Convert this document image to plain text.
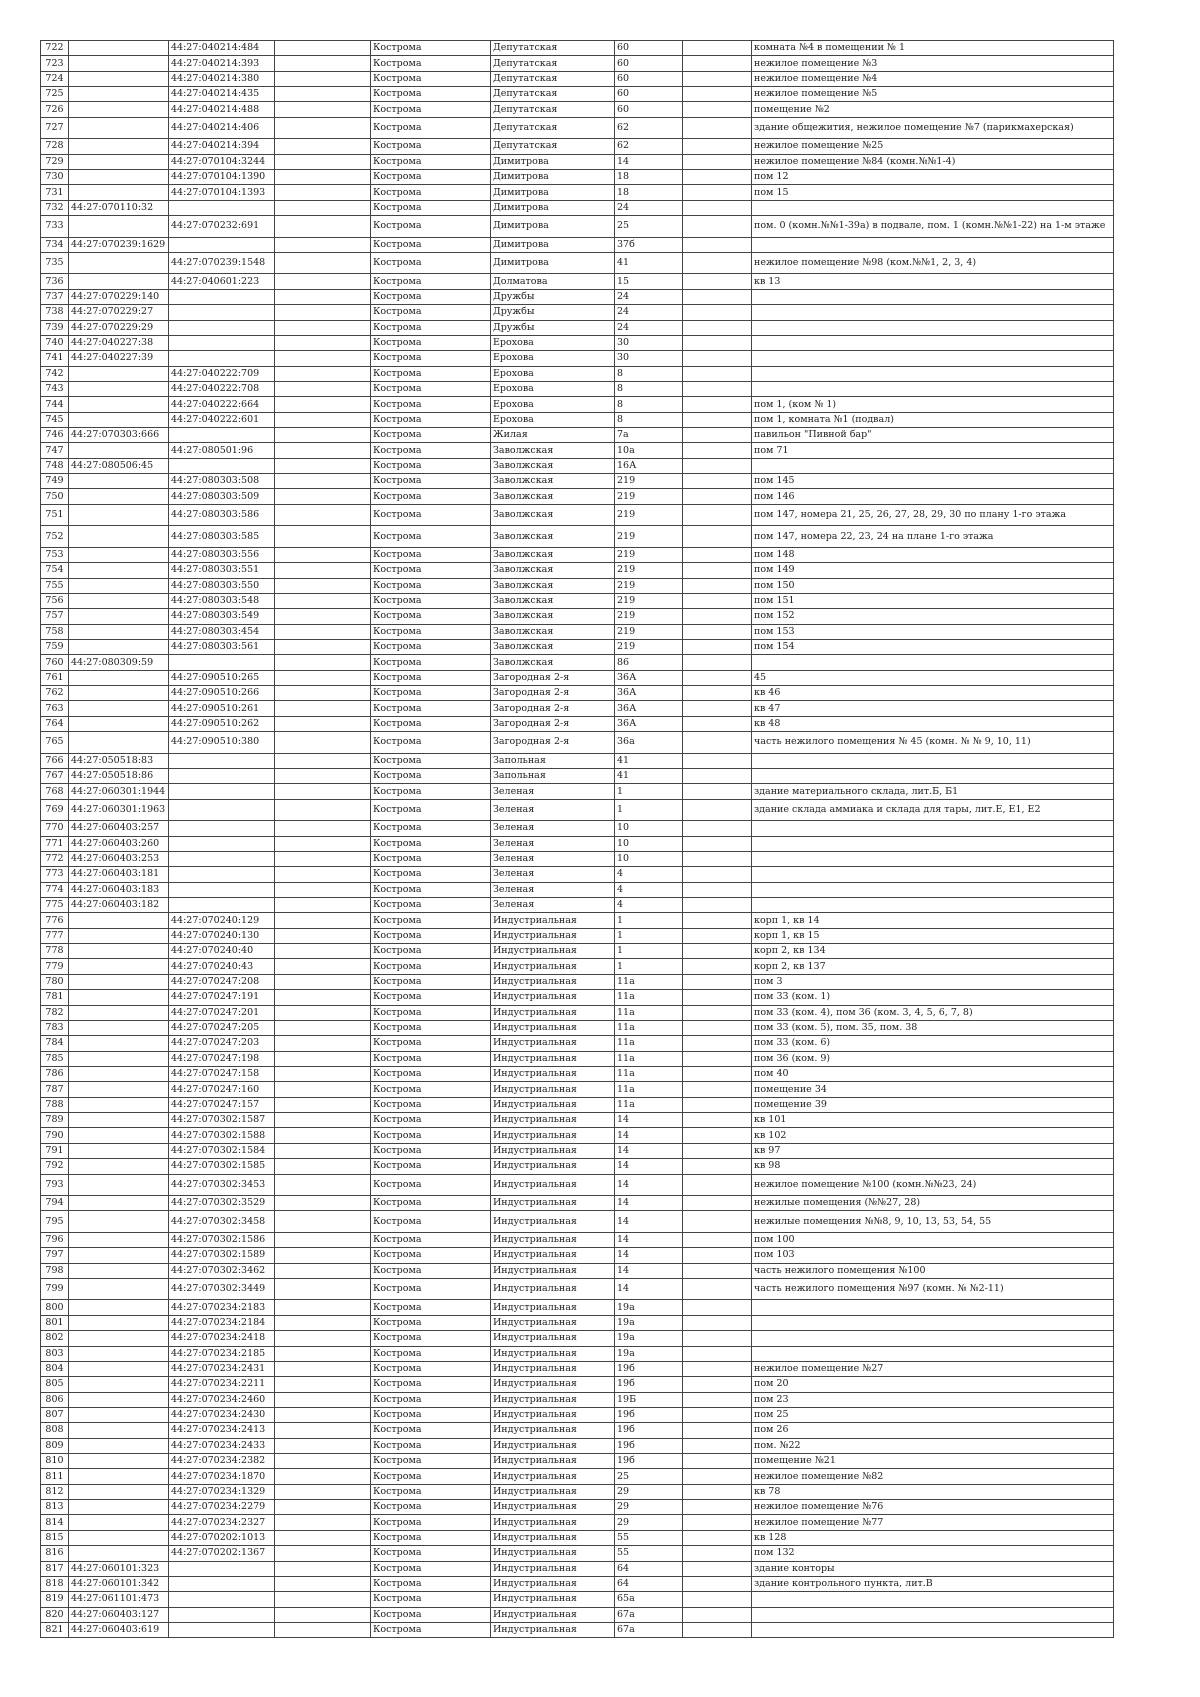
722		44:27:040214:484		Кострома	Депутатская	60		комната №4 в помещении № 1
723		44:27:040214:393		Кострома	Депутатская	60		нежилое помещение №3
724		44:27:040214:380		Кострома	Депутатская	60		нежилое помещение №4
725		44:27:040214:435		Кострома	Депутатская	60		нежилое помещение №5
726		44:27:040214:488		Кострома	Депутатская	60		помещение №2
727		44:27:040214:406		Кострома	Депутатская	62		здание общежития, нежилое помещение №7 (парикмахерская)
728		44:27:040214:394		Кострома	Депутатская	62		нежилое помещение №25
729		44:27:070104:3244		Кострома	Димитрова	14		нежилое помещение №84 (комн.№№1-4)
730		44:27:070104:1390		Кострома	Димитрова	18		пом 12
731		44:27:070104:1393		Кострома	Димитрова	18		пом 15
732	44:27:070110:32			Кострома	Димитрова	24		
733		44:27:070232:691		Кострома	Димитрова	25		пом. 0 (комн.№№1-39а) в подвале, пом. 1 (комн.№№1-22) на 1-м этаже
734	44:27:070239:1629			Кострома	Димитрова	37б		
735		44:27:070239:1548		Кострома	Димитрова	41		нежилое помещение №98 (ком.№№1, 2, 3, 4)
736		44:27:040601:223		Кострома	Долматова	15		кв 13
737	44:27:070229:140			Кострома	Дружбы	24		
738	44:27:070229:27			Кострома	Дружбы	24		
739	44:27:070229:29			Кострома	Дружбы	24		
740	44:27:040227:38			Кострома	Ерохова	30		
741	44:27:040227:39			Кострома	Ерохова	30		
742		44:27:040222:709		Кострома	Ерохова	8		
743		44:27:040222:708		Кострома	Ерохова	8		
744		44:27:040222:664		Кострома	Ерохова	8		пом 1, (ком № 1)
745		44:27:040222:601		Кострома	Ерохова	8		пом 1, комната №1 (подвал)
746	44:27:070303:666			Кострома	Жилая	7а		павильон "Пивной бар"
747		44:27:080501:96		Кострома	Заволжская	10а		пом 71
748	44:27:080506:45			Кострома	Заволжская	16А		
749		44:27:080303:508		Кострома	Заволжская	219		пом 145
750		44:27:080303:509		Кострома	Заволжская	219		пом 146
751		44:27:080303:586		Кострома	Заволжская	219		пом 147, номера 21, 25, 26, 27, 28, 29, 30 по плану 1-го этажа
752		44:27:080303:585		Кострома	Заволжская	219		пом 147, номера 22, 23, 24 на плане 1-го этажа
753		44:27:080303:556		Кострома	Заволжская	219		пом 148
754		44:27:080303:551		Кострома	Заволжская	219		пом 149
755		44:27:080303:550		Кострома	Заволжская	219		пом 150
756		44:27:080303:548		Кострома	Заволжская	219		пом 151
757		44:27:080303:549		Кострома	Заволжская	219		пом 152
758		44:27:080303:454		Кострома	Заволжская	219		пом 153
759		44:27:080303:561		Кострома	Заволжская	219		пом 154
760	44:27:080309:59			Кострома	Заволжская	86		
761		44:27:090510:265		Кострома	Загородная 2-я	36А		45
762		44:27:090510:266		Кострома	Загородная 2-я	36А		кв 46
763		44:27:090510:261		Кострома	Загородная 2-я	36А		кв 47
764		44:27:090510:262		Кострома	Загородная 2-я	36А		кв 48
765		44:27:090510:380		Кострома	Загородная 2-я	36а		часть нежилого помещения № 45 (комн. № № 9, 10, 11)
766	44:27:050518:83			Кострома	Запольная	41		
767	44:27:050518:86			Кострома	Запольная	41		
768	44:27:060301:1944			Кострома	Зеленая	1		здание материального склада, лит.Б, Б1
769	44:27:060301:1963			Кострома	Зеленая	1		здание склада аммиака и склада для тары, лит.Е, Е1, Е2
770	44:27:060403:257			Кострома	Зеленая	10		
771	44:27:060403:260			Кострома	Зеленая	10		
772	44:27:060403:253			Кострома	Зеленая	10		
773	44:27:060403:181			Кострома	Зеленая	4		
774	44:27:060403:183			Кострома	Зеленая	4		
775	44:27:060403:182			Кострома	Зеленая	4		
776		44:27:070240:129		Кострома	Индустриальная	1		корп 1, кв 14
777		44:27:070240:130		Кострома	Индустриальная	1		корп 1, кв 15
778		44:27:070240:40		Кострома	Индустриальная	1		корп 2, кв 134
779		44:27:070240:43		Кострома	Индустриальная	1		корп 2, кв 137
780		44:27:070247:208		Кострома	Индустриальная	11а		пом 3
781		44:27:070247:191		Кострома	Индустриальная	11а		пом 33 (ком. 1)
782		44:27:070247:201		Кострома	Индустриальная	11а		пом 33 (ком. 4), пом 36 (ком. 3, 4, 5, 6, 7, 8)
783		44:27:070247:205		Кострома	Индустриальная	11а		пом 33 (ком. 5), пом. 35, пом. 38
784		44:27:070247:203		Кострома	Индустриальная	11а		пом 33 (ком. 6)
785		44:27:070247:198		Кострома	Индустриальная	11а		пом 36 (ком. 9)
786		44:27:070247:158		Кострома	Индустриальная	11а		пом 40
787		44:27:070247:160		Кострома	Индустриальная	11а		помещение 34
788		44:27:070247:157		Кострома	Индустриальная	11а		помещение 39
789		44:27:070302:1587		Кострома	Индустриальная	14		кв 101
790		44:27:070302:1588		Кострома	Индустриальная	14		кв 102
791		44:27:070302:1584		Кострома	Индустриальная	14		кв 97
792		44:27:070302:1585		Кострома	Индустриальная	14		кв 98
793		44:27:070302:3453		Кострома	Индустриальная	14		нежилое помещение №100 (комн.№№23, 24)
794		44:27:070302:3529		Кострома	Индустриальная	14		нежилые помещения (№№27, 28)
795		44:27:070302:3458		Кострома	Индустриальная	14		нежилые помещения №№8, 9, 10, 13, 53, 54, 55
796		44:27:070302:1586		Кострома	Индустриальная	14		пом 100
797		44:27:070302:1589		Кострома	Индустриальная	14		пом 103
798		44:27:070302:3462		Кострома	Индустриальная	14		часть нежилого помещения №100
799		44:27:070302:3449		Кострома	Индустриальная	14		часть нежилого помещения №97 (комн. № №2-11)
800		44:27:070234:2183		Кострома	Индустриальная	19а		
801		44:27:070234:2184		Кострома	Индустриальная	19а		
802		44:27:070234:2418		Кострома	Индустриальная	19а		
803		44:27:070234:2185		Кострома	Индустриальная	19а		
804		44:27:070234:2431		Кострома	Индустриальная	19б		нежилое помещение №27
805		44:27:070234:2211		Кострома	Индустриальная	19б		пом 20
806		44:27:070234:2460		Кострома	Индустриальная	19Б		пом 23
807		44:27:070234:2430		Кострома	Индустриальная	19б		пом 25
808		44:27:070234:2413		Кострома	Индустриальная	19б		пом 26
809		44:27:070234:2433		Кострома	Индустриальная	19б		пом. №22
810		44:27:070234:2382		Кострома	Индустриальная	19б		помещение №21
811		44:27:070234:1870		Кострома	Индустриальная	25		нежилое помещение №82
812		44:27:070234:1329		Кострома	Индустриальная	29		кв 78
813		44:27:070234:2279		Кострома	Индустриальная	29		нежилое помещение №76
814		44:27:070234:2327		Кострома	Индустриальная	29		нежилое помещение №77
815		44:27:070202:1013		Кострома	Индустриальная	55		кв 128
816		44:27:070202:1367		Кострома	Индустриальная	55		пом 132
817	44:27:060101:323			Кострома	Индустриальная	64		здание конторы
818	44:27:060101:342			Кострома	Индустриальная	64		здание контрольного пункта, лит.В
819	44:27:061101:473			Кострома	Индустриальная	65а		
820	44:27:060403:127			Кострома	Индустриальная	67а		
821	44:27:060403:619			Кострома	Индустриальная	67а		
